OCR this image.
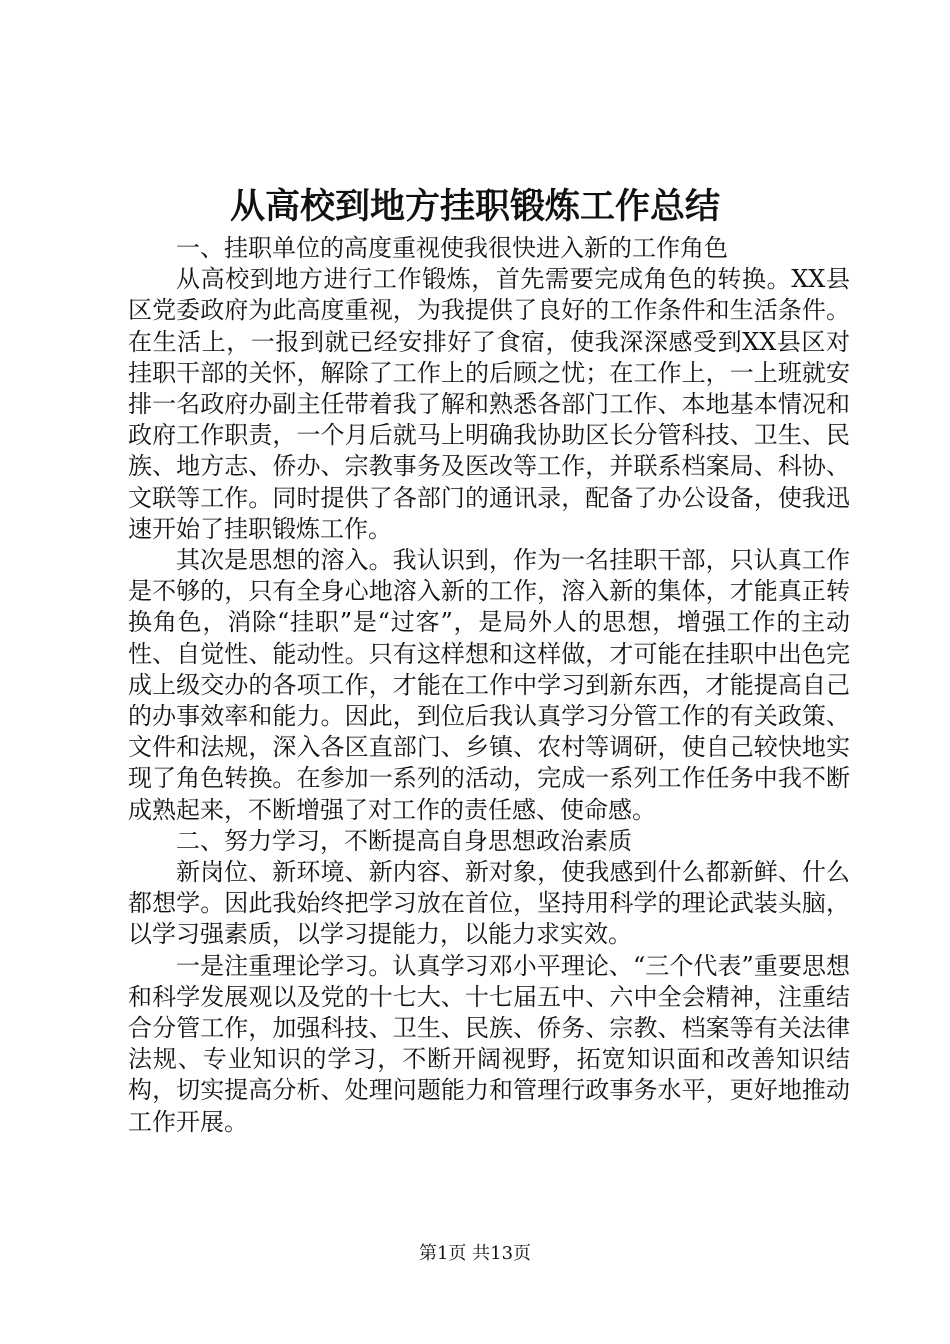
从高校到地方挂职锻炼工作总结

一、挂职单位的高度重视使我很快进入新的工作角色

从高校到地方进行工作锻炼，首先需要完成角色的转换。XX县区党委政府为此高度重视，为我提供了良好的工作条件和生活条件。在生活上，一报到就已经安排好了食宿，使我深深感受到XX县区对挂职干部的关怀，解除了工作上的后顾之忧；在工作上，一上班就安排一名政府办副主任带着我了解和熟悉各部门工作、本地基本情况和政府工作职责，一个月后就马上明确我协助区长分管科技、卫生、民族、地方志、侨办、宗教事务及医改等工作，并联系档案局、科协、文联等工作。同时提供了各部门的通讯录，配备了办公设备，使我迅速开始了挂职锻炼工作。

其次是思想的溶入。我认识到，作为一名挂职干部，只认真工作是不够的，只有全身心地溶入新的工作，溶入新的集体，才能真正转换角色，消除“挂职”是“过客”，是局外人的思想，增强工作的主动性、自觉性、能动性。只有这样想和这样做，才可能在挂职中出色完成上级交办的各项工作，才能在工作中学习到新东西，才能提高自己的办事效率和能力。因此，到位后我认真学习分管工作的有关政策、文件和法规，深入各区直部门、乡镇、农村等调研，使自己较快地实现了角色转换。在参加一系列的活动，完成一系列工作任务中我不断成熟起来，不断增强了对工作的责任感、使命感。

二、努力学习，不断提高自身思想政治素质

新岗位、新环境、新内容、新对象，使我感到什么都新鲜、什么都想学。因此我始终把学习放在首位，坚持用科学的理论武装头脑，以学习强素质，以学习提能力，以能力求实效。

一是注重理论学习。认真学习邓小平理论、“三个代表”重要思想和科学发展观以及党的十七大、十七届五中、六中全会精神，注重结合分管工作，加强科技、卫生、民族、侨务、宗教、档案等有关法律法规、专业知识的学习，不断开阔视野，拓宽知识面和改善知识结构，切实提高分析、处理问题能力和管理行政事务水平，更好地推动工作开展。

第1页 共13页
